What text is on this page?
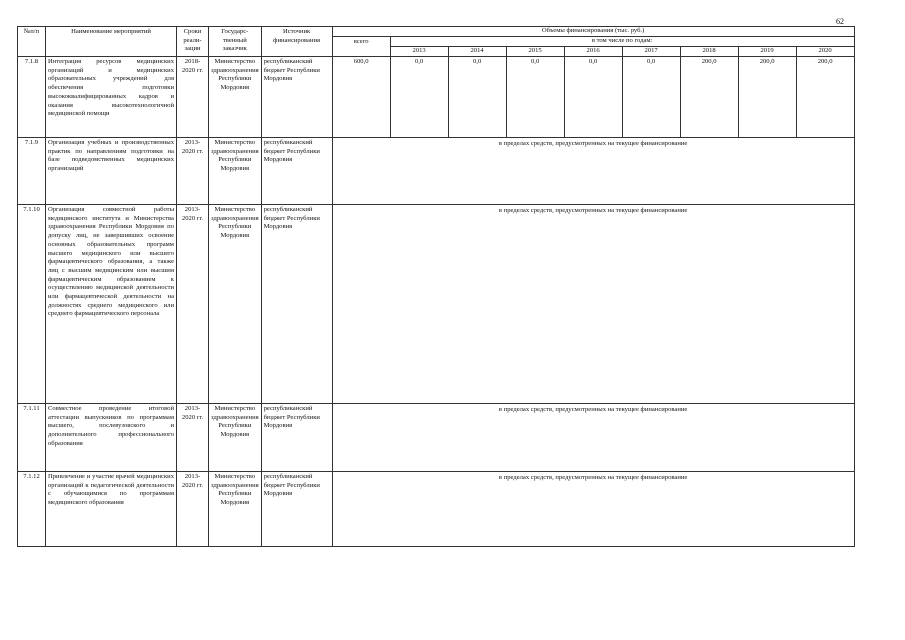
62
№п/п	Наименование мероприятий	Сроки реали-зации	Государс-твенный заказчик	Источник финансирования	Объемы финансирования (тыс. руб.)								
					всего	в том числе по годам:							
						2013	2014	2015	2016	2017	2018	2019	2020
7.1.8	Интеграция ресурсов медицинских организаций и медицинских образовательных учреждений для обеспечения подготовки высококвалифицированных кадров и оказания высокотехнологичной медицинской помощи	2018-2020 гг.	Министерство здравоохранения Республики Мордовия	республиканский бюджет Республики Мордовия	600,0	0,0	0,0	0,0	0,0	0,0	200,0	200,0	200,0
7.1.9	Организация учебных и производственных практик по направлениям подготовки на базе подведомственных медицинских организаций	2013-2020 гг.	Министерство здравоохранения Республики Мордовия	республиканский бюджет Республики Мордовия	в пределах средств, предусмотренных на текущее финансирование								
7.1.10	Организация совместной работы медицинского института и Министерства здравоохранения Республики Мордовия по допуску лиц, не завершивших освоение основных образовательных программ высшего медицинского или высшего фармацевтического образования, а также лиц с высшим медицинским или высшим фармацевтическим образованием к осуществлению медицинской деятельности или фармацевтической деятельности на должностях среднего медицинского или среднего фармацевтического персонала	2013-2020 гг.	Министерство здравоохранения Республики Мордовия	республиканский бюджет Республики Мордовия	в пределах средств, предусмотренных на текущее финансирование								
7.1.11	Совместное проведение итоговой аттестации выпускников по программам высшего, послевузовского и дополнительного профессионального образования	2013-2020 гг.	Министерство здравоохранения Республики Мордовия	республиканский бюджет Республики Мордовия	в пределах средств, предусмотренных на текущее финансирование								
7.1.12	Привлечение и участие врачей медицинских организаций к педагогической деятельности с обучающимися по программам медицинского образования	2013-2020 гг.	Министерство здравоохранения Республики Мордовия	республиканский бюджет Республики Мордовия	в пределах средств, предусмотренных на текущее финансирование								
